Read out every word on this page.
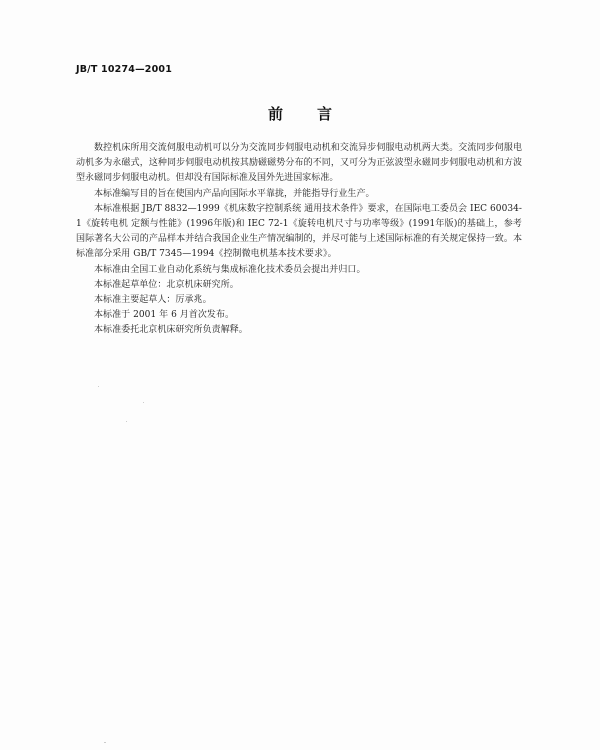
JB/T 10274—2001
前言

数控机床所用交流伺服电动机可以分为交流同步伺服电动机和交流异步伺服电动机两大类。交流同步伺服电动机多为永磁式，这种同步伺服电动机按其励磁磁势分布的不同，又可分为正弦波型永磁同步伺服电动机和方波型永磁同步伺服电动机。但却没有国际标准及国外先进国家标准。

本标准编写目的旨在使国内产品向国际水平靠拢，并能指导行业生产。

本标准根据 JB/T 8832—1999《机床数字控制系统 通用技术条件》要求，在国际电工委员会 IEC 60034-1《旋转电机 定额与性能》(1996年版)和 IEC 72-1《旋转电机尺寸与功率等级》(1991年版)的基础上，参考国际著名大公司的产品样本并结合我国企业生产情况编制的，并尽可能与上述国际标准的有关规定保持一致。本标准部分采用 GB/T 7345—1994《控制微电机基本技术要求》。

本标准由全国工业自动化系统与集成标准化技术委员会提出并归口。

本标准起草单位：北京机床研究所。

本标准主要起草人：厉承兆。

本标准于 2001 年 6 月首次发布。

本标准委托北京机床研究所负责解释。
